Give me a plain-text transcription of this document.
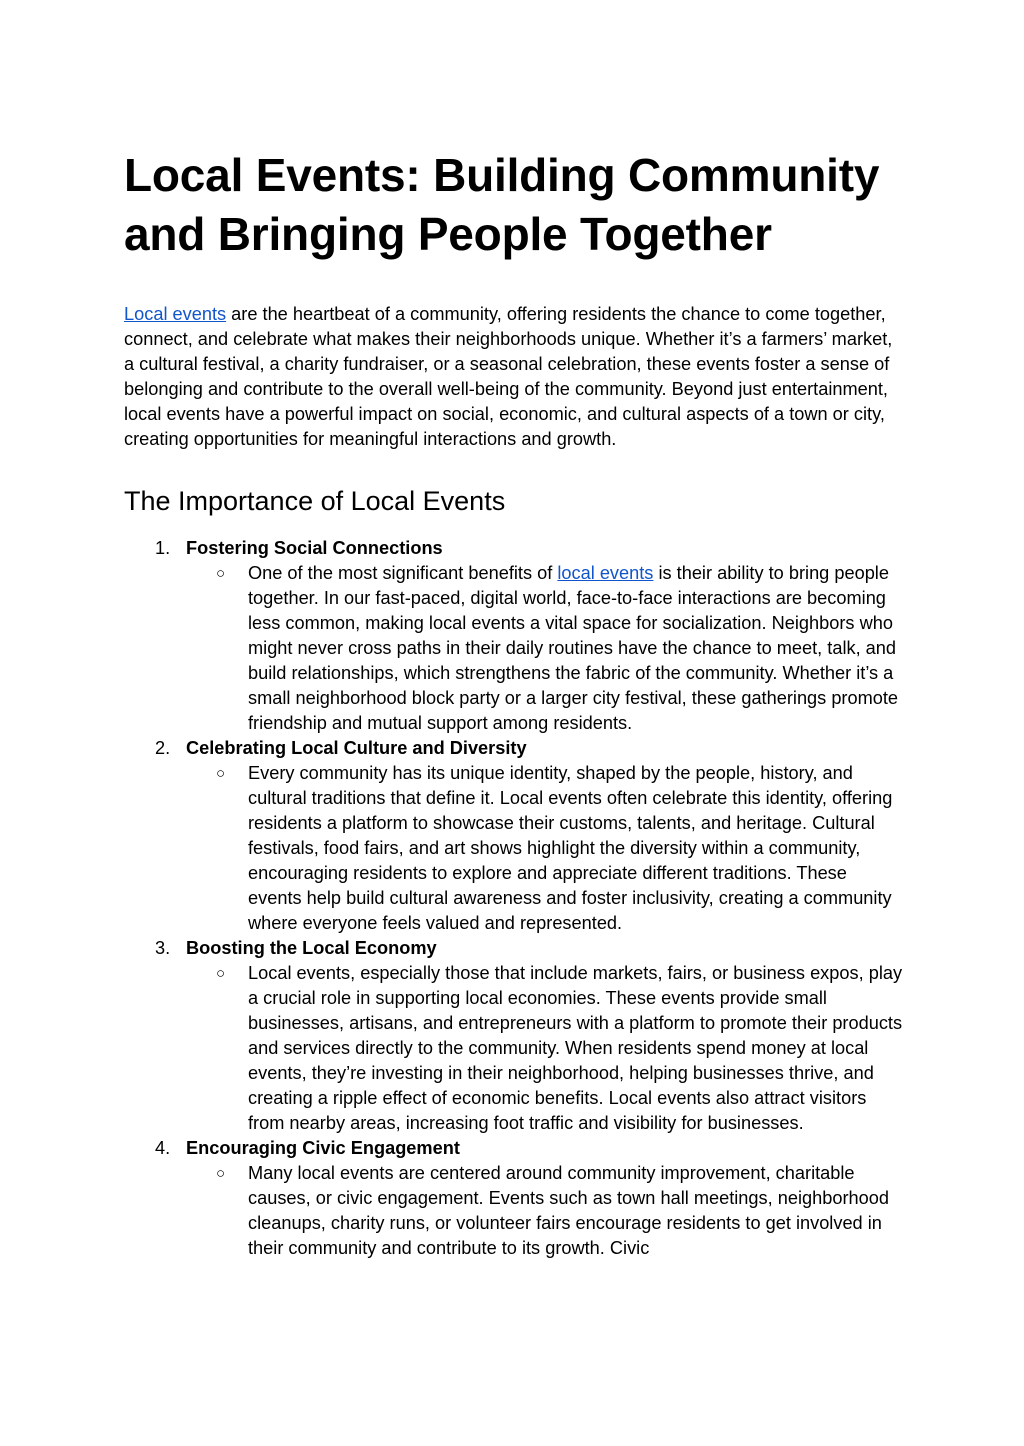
Local Events: Building Community and Bringing People Together

Local events are the heartbeat of a community, offering residents the chance to come together, connect, and celebrate what makes their neighborhoods unique. Whether it’s a farmers’ market, a cultural festival, a charity fundraiser, or a seasonal celebration, these events foster a sense of belonging and contribute to the overall well-being of the community. Beyond just entertainment, local events have a powerful impact on social, economic, and cultural aspects of a town or city, creating opportunities for meaningful interactions and growth.

The Importance of Local Events
1. Fostering Social Connections
○ One of the most significant benefits of local events is their ability to bring people together. In our fast-paced, digital world, face-to-face interactions are becoming less common, making local events a vital space for socialization. Neighbors who might never cross paths in their daily routines have the chance to meet, talk, and build relationships, which strengthens the fabric of the community. Whether it’s a small neighborhood block party or a larger city festival, these gatherings promote friendship and mutual support among residents.
2. Celebrating Local Culture and Diversity
○ Every community has its unique identity, shaped by the people, history, and cultural traditions that define it. Local events often celebrate this identity, offering residents a platform to showcase their customs, talents, and heritage. Cultural festivals, food fairs, and art shows highlight the diversity within a community, encouraging residents to explore and appreciate different traditions. These events help build cultural awareness and foster inclusivity, creating a community where everyone feels valued and represented.
3. Boosting the Local Economy
○ Local events, especially those that include markets, fairs, or business expos, play a crucial role in supporting local economies. These events provide small businesses, artisans, and entrepreneurs with a platform to promote their products and services directly to the community. When residents spend money at local events, they’re investing in their neighborhood, helping businesses thrive, and creating a ripple effect of economic benefits. Local events also attract visitors from nearby areas, increasing foot traffic and visibility for businesses.
4. Encouraging Civic Engagement
○ Many local events are centered around community improvement, charitable causes, or civic engagement. Events such as town hall meetings, neighborhood cleanups, charity runs, or volunteer fairs encourage residents to get involved in their community and contribute to its growth. Civic
